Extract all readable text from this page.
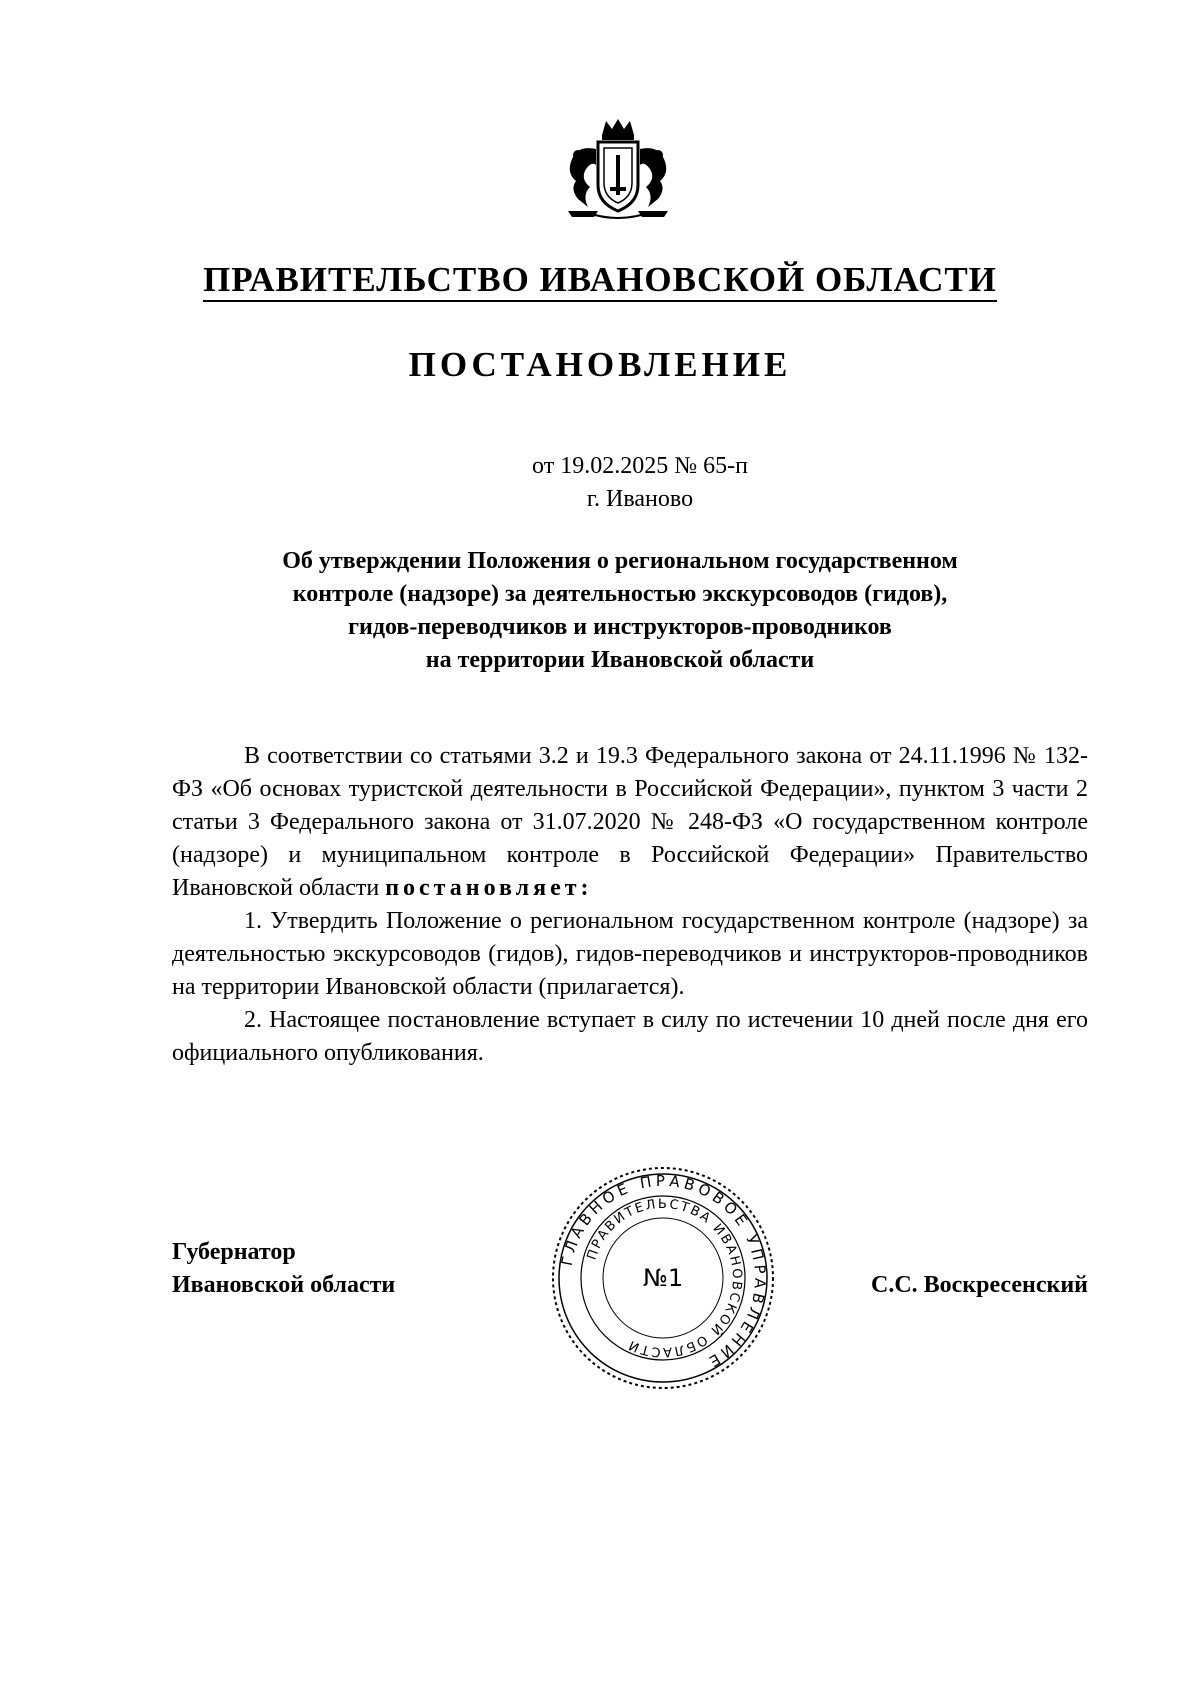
ПРАВИТЕЛЬСТВО ИВАНОВСКОЙ ОБЛАСТИ
ПОСТАНОВЛЕНИЕ
от 19.02.2025 № 65-п
г. Иваново
Об утверждении Положения о региональном государственном
контроле (надзоре) за деятельностью экскурсоводов (гидов),
гидов-переводчиков и инструкторов-проводников
на территории Ивановской области

В соответствии со статьями 3.2 и 19.3 Федерального закона от 24.11.1996 № 132-ФЗ «Об основах туристской деятельности в Российской Федерации», пунктом 3 части 2 статьи 3 Федерального закона от 31.07.2020 № 248-ФЗ «О государственном контроле (надзоре) и муниципальном контроле в Российской Федерации» Правительство Ивановской области постановляет:

1. Утвердить Положение о региональном государственном контроле (надзоре) за деятельностью экскурсоводов (гидов), гидов-переводчиков и инструкторов-проводников на территории Ивановской области (прилагается).

2. Настоящее постановление вступает в силу по истечении 10 дней после дня его официального опубликования.

Губернатор
Ивановской области
ГЛАВНОЕ ПРАВОВОЕ УПРАВЛЕНИЕ
ПРАВИТЕЛЬСТВА ИВАНОВСКОЙ ОБЛАСТИ
№1	С.С. Воскресенский
